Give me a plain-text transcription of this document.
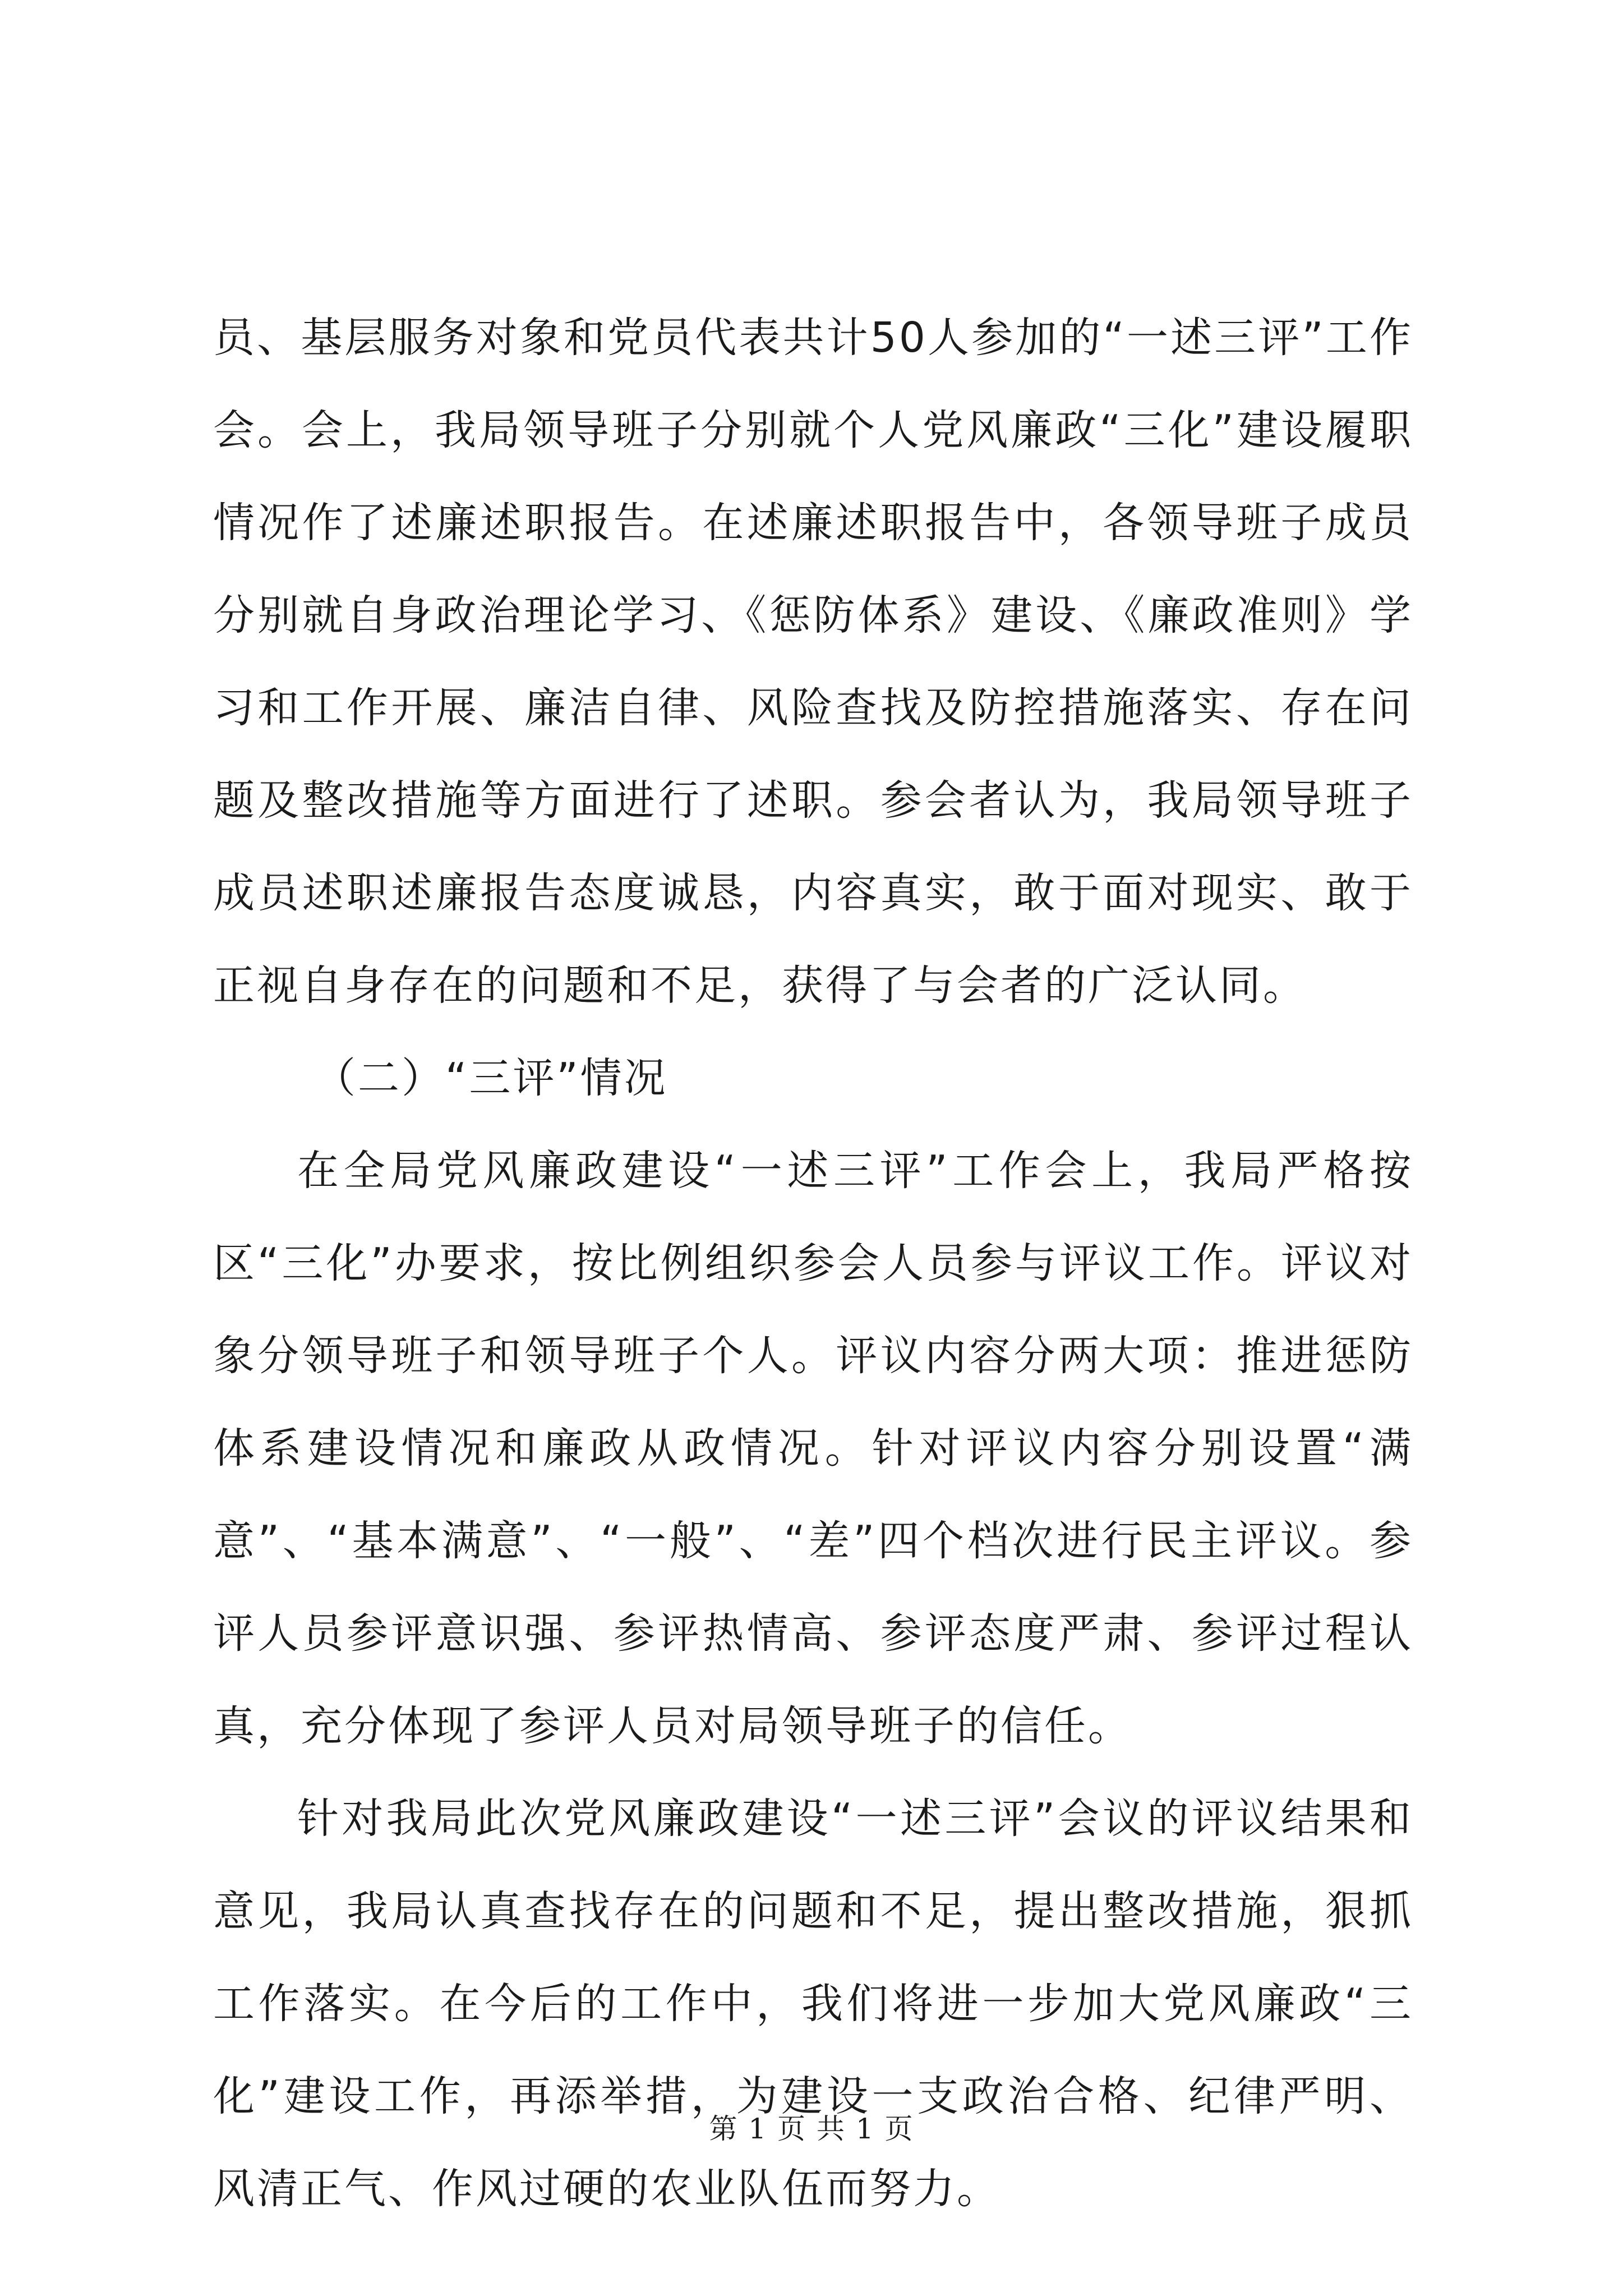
员、基层服务对象和党员代表共计50人参加的“一述三评”工作会。会上，我局领导班子分别就个人党风廉政“三化”建设履职情况作了述廉述职报告。在述廉述职报告中，各领导班子成员分别就自身政治理论学习、《惩防体系》建设、《廉政准则》学习和工作开展、廉洁自律、风险查找及防控措施落实、存在问题及整改措施等方面进行了述职。参会者认为，我局领导班子成员述职述廉报告态度诚恳，内容真实，敢于面对现实、敢于正视自身存在的问题和不足，获得了与会者的广泛认同。

（二）“三评”情况

在全局党风廉政建设“一述三评”工作会上，我局严格按区“三化”办要求，按比例组织参会人员参与评议工作。评议对象分领导班子和领导班子个人。评议内容分两大项：推进惩防体系建设情况和廉政从政情况。针对评议内容分别设置“满意”、“基本满意”、“一般”、“差”四个档次进行民主评议。参评人员参评意识强、参评热情高、参评态度严肃、参评过程认真，充分体现了参评人员对局领导班子的信任。

针对我局此次党风廉政建设“一述三评”会议的评议结果和意见，我局认真查找存在的问题和不足，提出整改措施，狠抓工作落实。在今后的工作中，我们将进一步加大党风廉政“三化”建设工作，再添举措，为建设一支政治合格、纪律严明、风清正气、作风过硬的农业队伍而努力。

第 1 页 共 1 页
